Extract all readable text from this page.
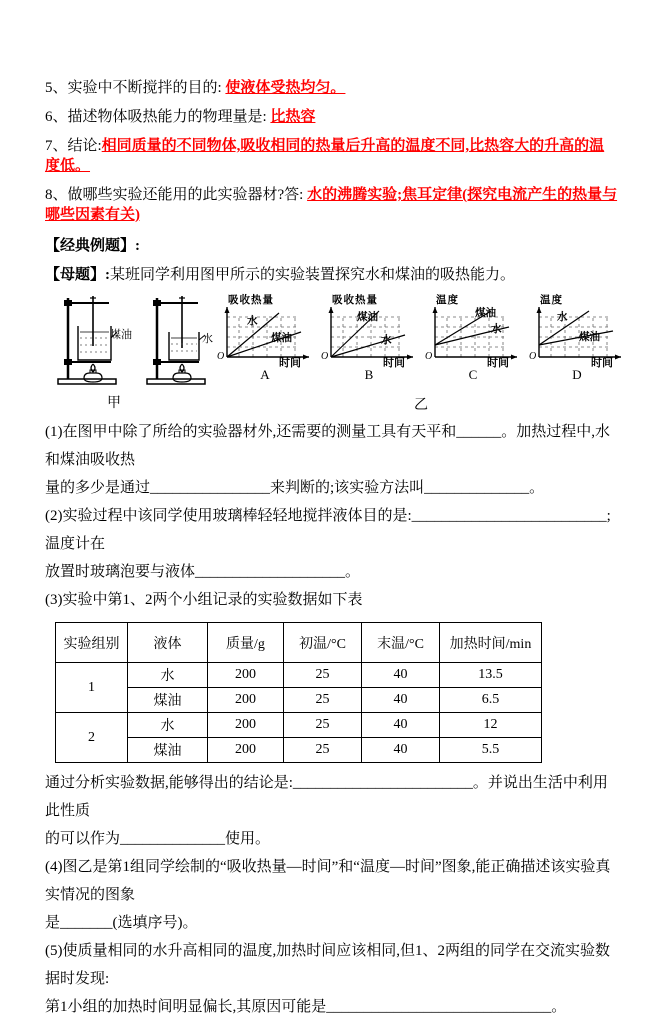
5、实验中不断搅拌的目的: 使液体受热均匀。
6、描述物体吸热能力的物理量是: 比热容
7、结论:相同质量的不同物体,吸收相同的热量后升高的温度不同,比热容大的升高的温度低。
8、做哪些实验还能用的此实验器材?答: 水的沸腾实验;焦耳定律(探究电流产生的热量与哪些因素有关)
【经典例题】:
【母题】:某班同学利用图甲所示的实验装置探究水和煤油的吸热能力。
煤油	水
甲
吸收热量
水
煤油
O
时间
A
吸收热量
煤油
水
O
时间
B
温度
煤油
水
O
时间
C
温度
水
煤油
O
时间
D
乙
(1)在图甲中除了所给的实验器材外,还需要的测量工具有天平和______。加热过程中,水和煤油吸收热
量的多少是通过________________来判断的;该实验方法叫______________。
(2)实验过程中该同学使用玻璃棒轻轻地搅拌液体目的是:__________________________;温度计在
放置时玻璃泡要与液体____________________。
(3)实验中第1、2两个小组记录的实验数据如下表
实验组别	液体	质量/g	初温/°C	末温/°C	加热时间/min
1	水	200	25	40	13.5
	煤油	200	25	40	6.5
2	水	200	25	40	12
	煤油	200	25	40	5.5
通过分析实验数据,能够得出的结论是:________________________。并说出生活中利用此性质
的可以作为______________使用。
(4)图乙是第1组同学绘制的“吸收热量—时间”和“温度—时间”图象,能正确描述该实验真实情况的图象
是_______(选填序号)。
(5)使质量相同的水升高相同的温度,加热时间应该相同,但1、2两组的同学在交流实验数据时发现:
第1小组的加热时间明显偏长,其原因可能是______________________________。
